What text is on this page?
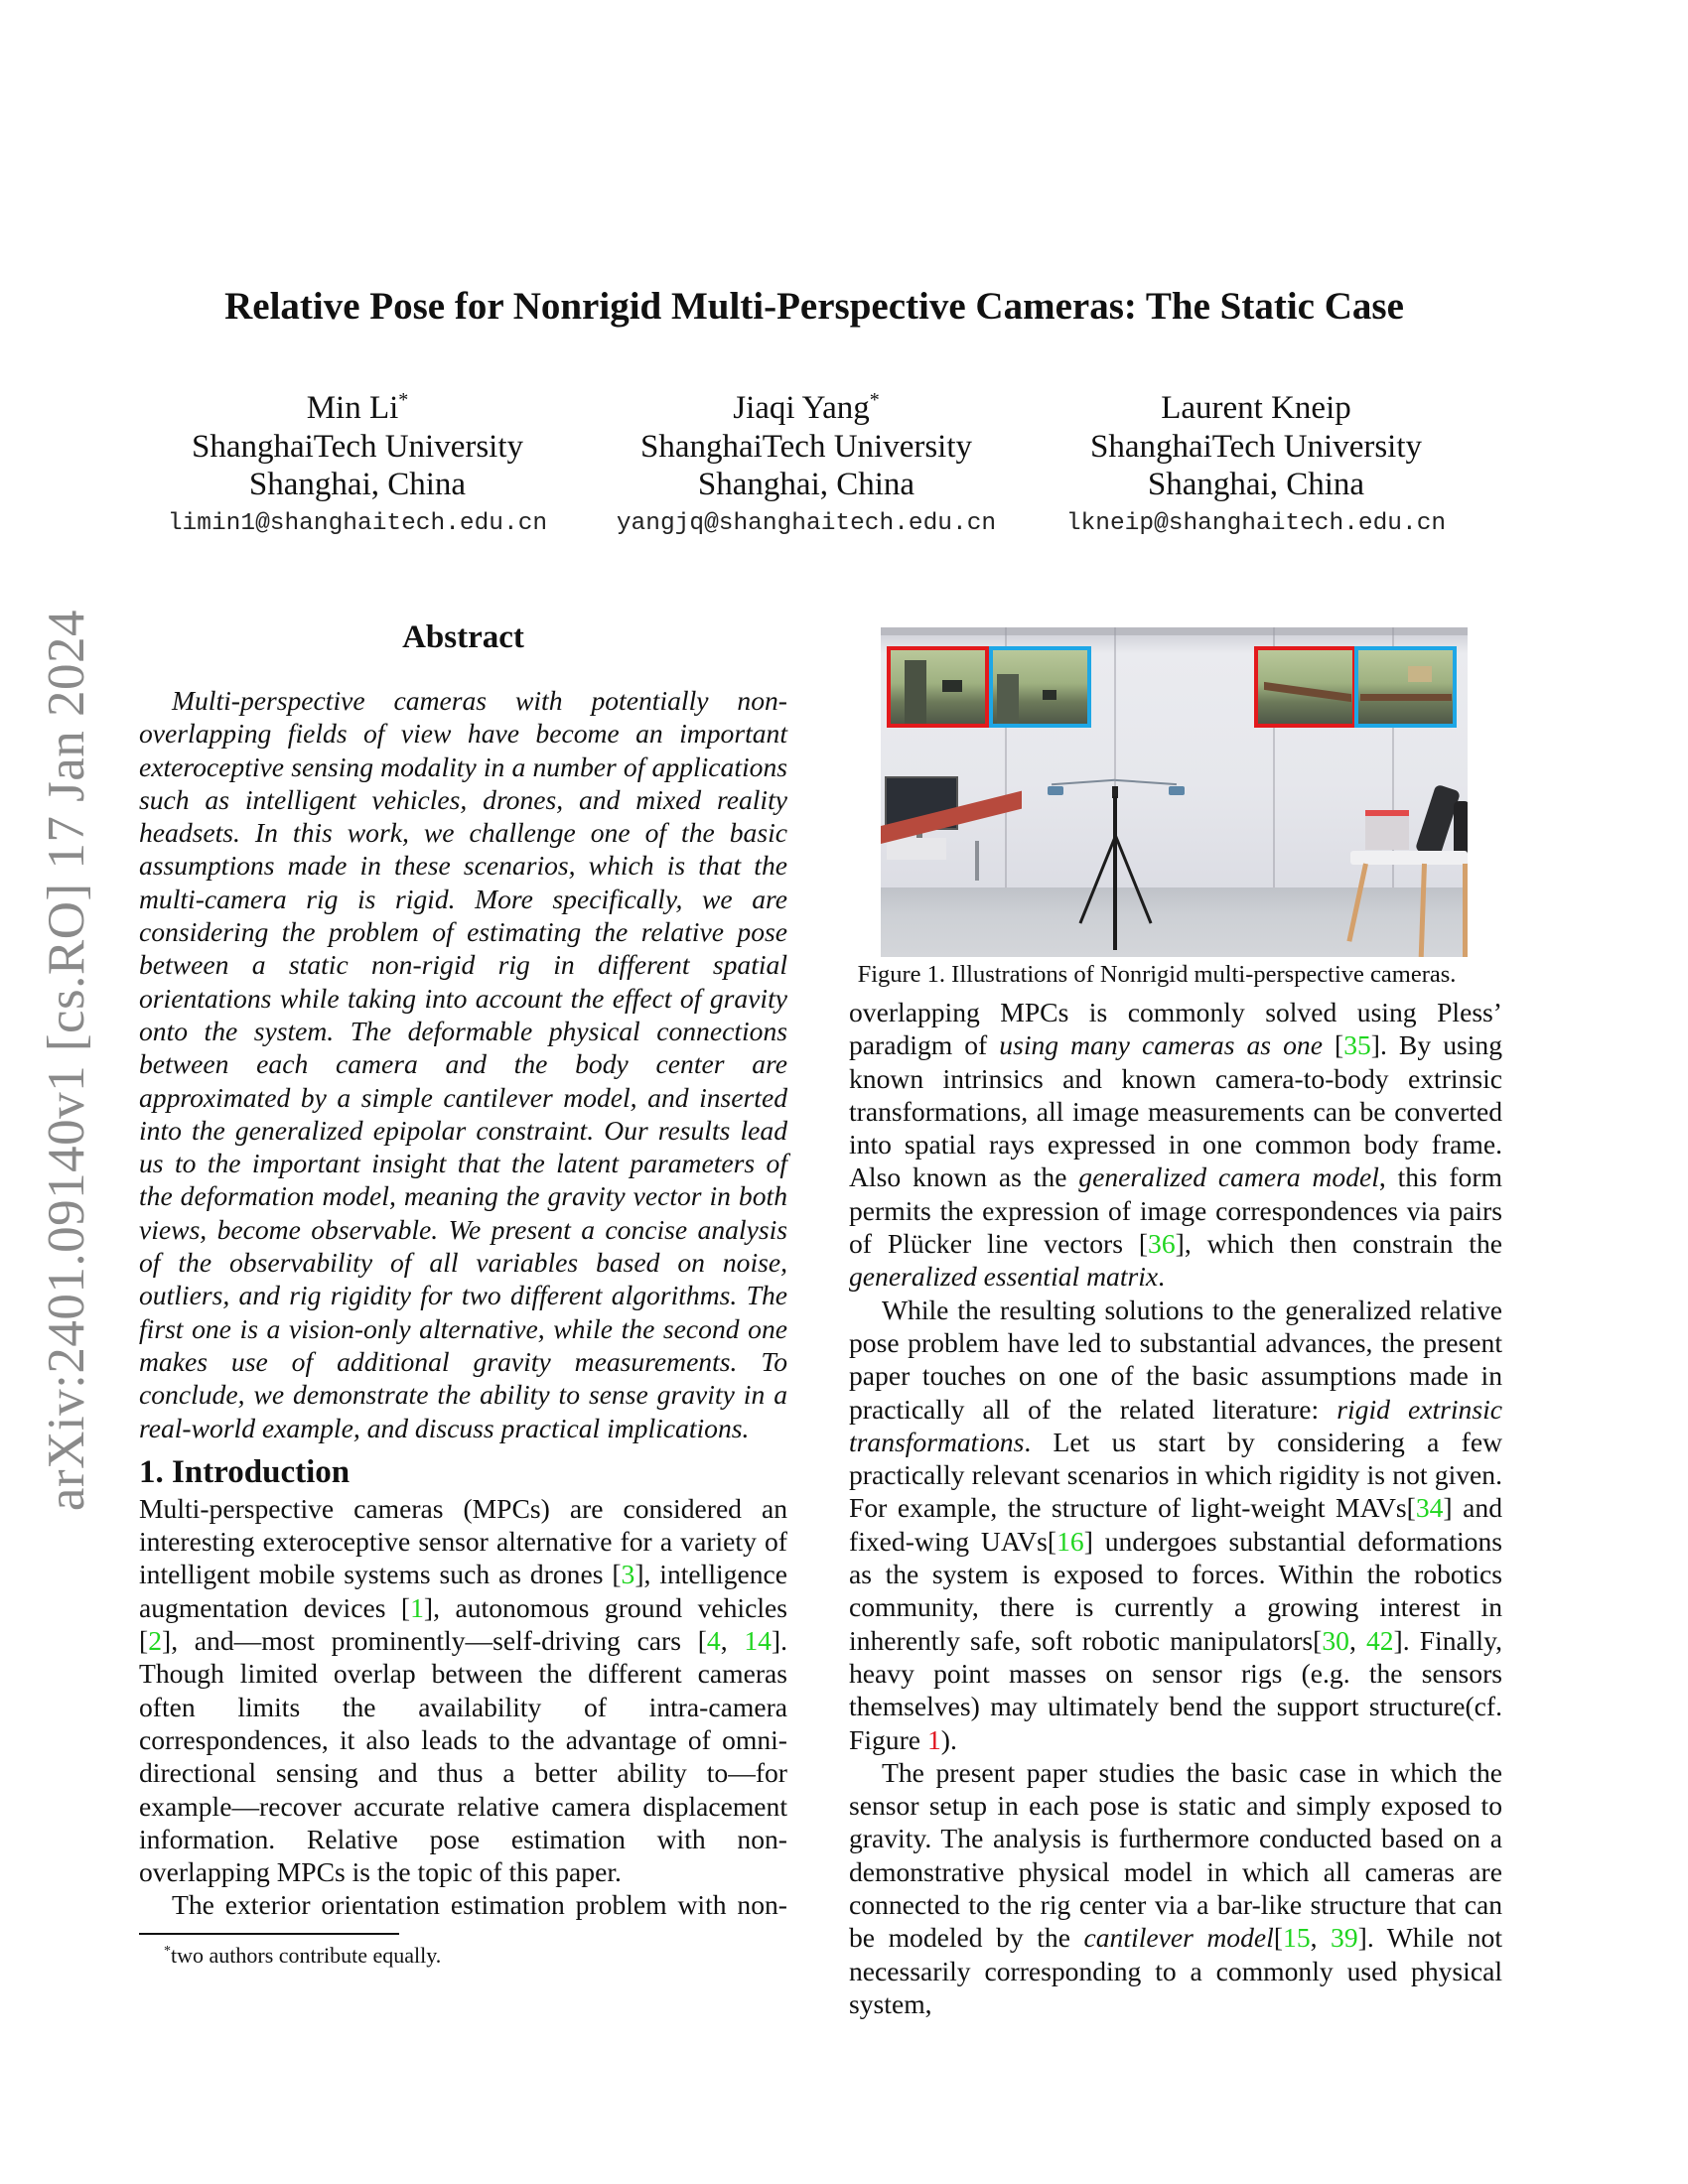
arXiv:2401.09140v1 [cs.RO] 17 Jan 2024
Relative Pose for Nonrigid Multi-Perspective Cameras: The Static Case
Min Li*
ShanghaiTech University
Shanghai, China
limin1@shanghaitech.edu.cn
Jiaqi Yang*
ShanghaiTech University
Shanghai, China
yangjq@shanghaitech.edu.cn
Laurent Kneip
ShanghaiTech University
Shanghai, China
lkneip@shanghaitech.edu.cn
Abstract

Multi-perspective cameras with potentially non-overlapping fields of view have become an important exteroceptive sensing modality in a number of applications such as intelligent vehicles, drones, and mixed reality headsets. In this work, we challenge one of the basic assumptions made in these scenarios, which is that the multi-camera rig is rigid. More specifically, we are considering the problem of estimating the relative pose between a static non-rigid rig in different spatial orientations while taking into account the effect of gravity onto the system. The deformable physical connections between each camera and the body center are approximated by a simple cantilever model, and inserted into the generalized epipolar constraint. Our results lead us to the important insight that the latent parameters of the deformation model, meaning the gravity vector in both views, become observable. We present a concise analysis of the observability of all variables based on noise, outliers, and rig rigidity for two different algorithms. The first one is a vision-only alternative, while the second one makes use of additional gravity measurements. To conclude, we demonstrate the ability to sense gravity in a real-world example, and discuss practical implications.

1. Introduction

Multi-perspective cameras (MPCs) are considered an interesting exteroceptive sensor alternative for a variety of intelligent mobile systems such as drones [3], intelligence augmentation devices [1], autonomous ground vehicles [2], and—most prominently—self-driving cars [4, 14]. Though limited overlap between the different cameras often limits the availability of intra-camera correspondences, it also leads to the advantage of omni-directional sensing and thus a better ability to—for example—recover accurate relative camera displacement information. Relative pose estimation with non-overlapping MPCs is the topic of this paper.

The exterior orientation estimation problem with non-

*two authors contribute equally.
Figure 1. Illustrations of Nonrigid multi-perspective cameras.

overlapping MPCs is commonly solved using Pless’ paradigm of using many cameras as one [35]. By using known intrinsics and known camera-to-body extrinsic transformations, all image measurements can be converted into spatial rays expressed in one common body frame. Also known as the generalized camera model, this form permits the expression of image correspondences via pairs of Plücker line vectors [36], which then constrain the generalized essential matrix.

While the resulting solutions to the generalized relative pose problem have led to substantial advances, the present paper touches on one of the basic assumptions made in practically all of the related literature: rigid extrinsic transformations. Let us start by considering a few practically relevant scenarios in which rigidity is not given. For example, the structure of light-weight MAVs[34] and fixed-wing UAVs[16] undergoes substantial deformations as the system is exposed to forces. Within the robotics community, there is currently a growing interest in inherently safe, soft robotic manipulators[30, 42]. Finally, heavy point masses on sensor rigs (e.g. the sensors themselves) may ultimately bend the support structure(cf. Figure 1).

The present paper studies the basic case in which the sensor setup in each pose is static and simply exposed to gravity. The analysis is furthermore conducted based on a demonstrative physical model in which all cameras are connected to the rig center via a bar-like structure that can be modeled by the cantilever model[15, 39]. While not necessarily corresponding to a commonly used physical system,
